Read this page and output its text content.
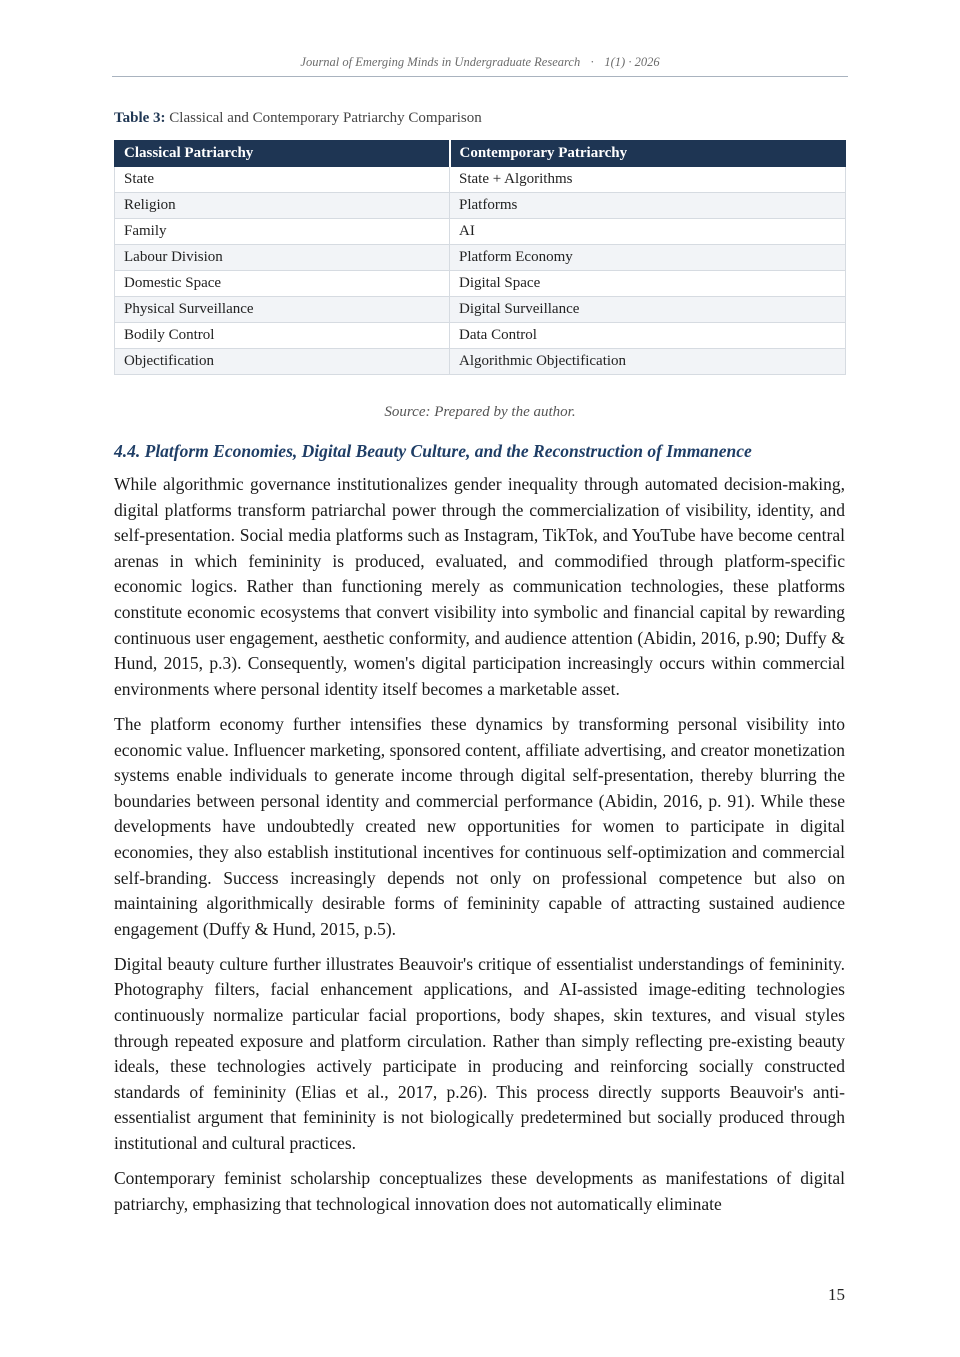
Journal of Emerging Minds in Undergraduate Research · 1(1) · 2026
Table 3: Classical and Contemporary Patriarchy Comparison
Classical Patriarchy	Contemporary Patriarchy
State	State + Algorithms
Religion	Platforms
Family	AI
Labour Division	Platform Economy
Domestic Space	Digital Space
Physical Surveillance	Digital Surveillance
Bodily Control	Data Control
Objectification	Algorithmic Objectification
Source: Prepared by the author.
4.4. Platform Economies, Digital Beauty Culture, and the Reconstruction of Immanence

While algorithmic governance institutionalizes gender inequality through automated decision-making, digital platforms transform patriarchal power through the commercialization of visibility, identity, and self-presentation. Social media platforms such as Instagram, TikTok, and YouTube have become central arenas in which femininity is produced, evaluated, and commodified through platform-specific economic logics. Rather than functioning merely as communication technologies, these platforms constitute economic ecosystems that convert visibility into symbolic and financial capital by rewarding continuous user engagement, aesthetic conformity, and audience attention (Abidin, 2016, p.90; Duffy & Hund, 2015, p.3). Consequently, women's digital participation increasingly occurs within commercial environments where personal identity itself becomes a marketable asset.

The platform economy further intensifies these dynamics by transforming personal visibility into economic value. Influencer marketing, sponsored content, affiliate advertising, and creator monetization systems enable individuals to generate income through digital self-presentation, thereby blurring the boundaries between personal identity and commercial performance (Abidin, 2016, p. 91). While these developments have undoubtedly created new opportunities for women to participate in digital economies, they also establish institutional incentives for continuous self-optimization and commercial self-branding. Success increasingly depends not only on professional competence but also on maintaining algorithmically desirable forms of femininity capable of attracting sustained audience engagement (Duffy & Hund, 2015, p.5).

Digital beauty culture further illustrates Beauvoir's critique of essentialist understandings of femininity. Photography filters, facial enhancement applications, and AI-assisted image-editing technologies continuously normalize particular facial proportions, body shapes, skin textures, and visual styles through repeated exposure and platform circulation. Rather than simply reflecting pre-existing beauty ideals, these technologies actively participate in producing and reinforcing socially constructed standards of femininity (Elias et al., 2017, p.26). This process directly supports Beauvoir's anti-essentialist argument that femininity is not biologically predetermined but socially produced through institutional and cultural practices.

Contemporary feminist scholarship conceptualizes these developments as manifestations of digital patriarchy, emphasizing that technological innovation does not automatically eliminate

15
